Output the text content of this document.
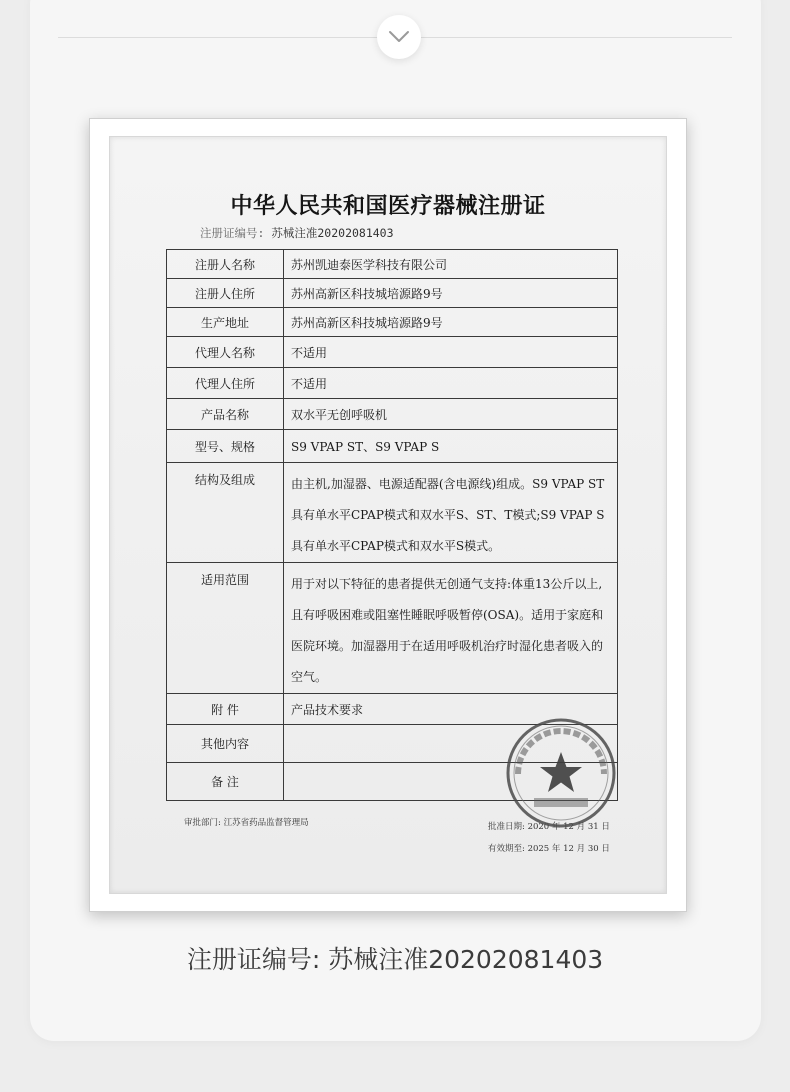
中华人民共和国医疗器械注册证
注册证编号: 苏械注准20202081403
注册人名称	苏州凯迪泰医学科技有限公司
注册人住所	苏州高新区科技城培源路9号
生产地址	苏州高新区科技城培源路9号
代理人名称	不适用
代理人住所	不适用
产品名称	双水平无创呼吸机
型号、规格	S9 VPAP ST、S9 VPAP S
结构及组成	由主机,加湿器、电源适配器(含电源线)组成。S9 VPAP ST具有单水平CPAP模式和双水平S、ST、T模式;S9 VPAP S具有单水平CPAP模式和双水平S模式。
适用范围	用于对以下特征的患者提供无创通气支持:体重13公斤以上,且有呼吸困难或阻塞性睡眠呼吸暂停(OSA)。适用于家庭和医院环境。加湿器用于在适用呼吸机治疗时湿化患者吸入的空气。
附 件	产品技术要求
其他内容	
备 注	
审批部门: 江苏省药品监督管理局	批准日期: 2020 年 12 月 31 日
有效期至: 2025 年 12 月 30 日
注册证编号: 苏械注准20202081403
